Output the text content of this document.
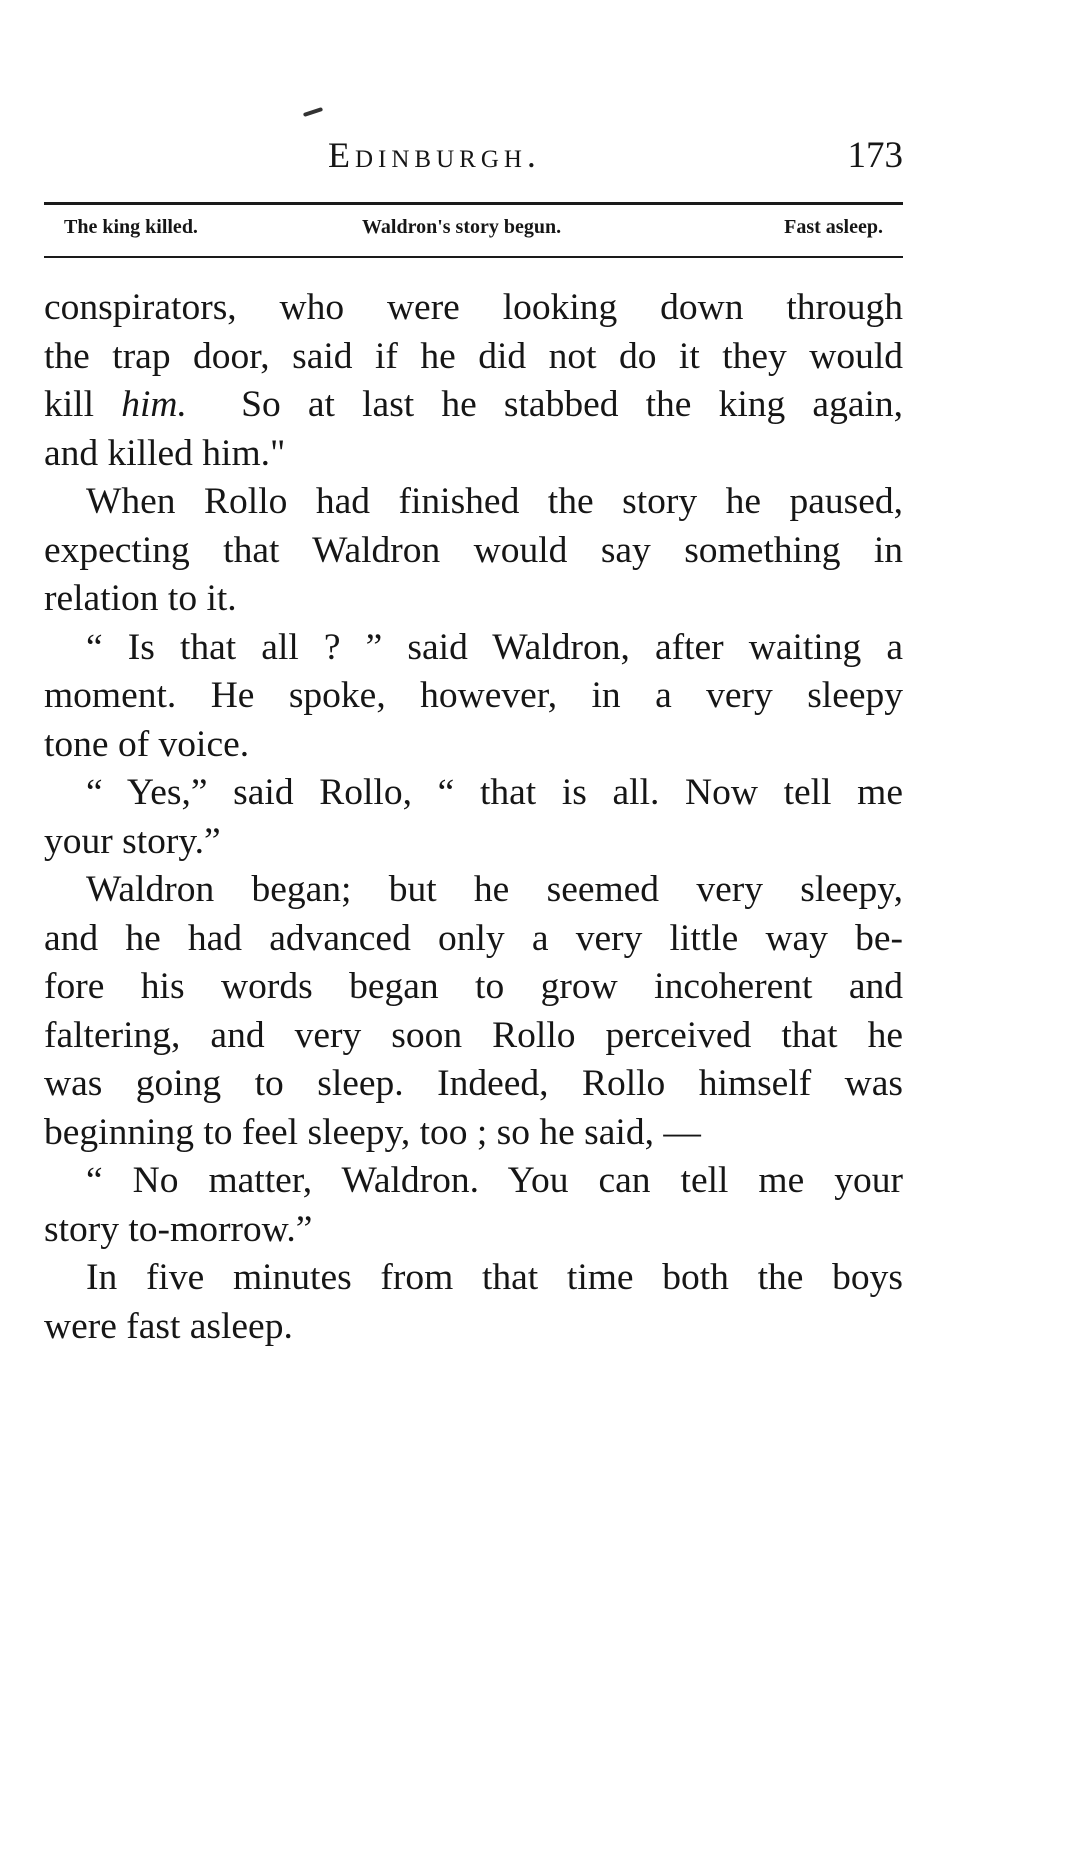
Edinburgh.	173
The king killed.	Waldron's story begun.	Fast asleep.
conspirators, who were looking down through
the trap door, said if he did not do it they would
kill him. So at last he stabbed the king again,
and killed him."
When Rollo had finished the story he paused,
expecting that Waldron would say something in
relation to it.
“ Is that all ? ” said Waldron, after waiting a
moment. He spoke, however, in a very sleepy
tone of voice.
“ Yes,” said Rollo, “ that is all. Now tell me
your story.”
Waldron began; but he seemed very sleepy,
and he had advanced only a very little way be-
fore his words began to grow incoherent and
faltering, and very soon Rollo perceived that he
was going to sleep. Indeed, Rollo himself was
beginning to feel sleepy, too ; so he said, —
“ No matter, Waldron. You can tell me your
story to-morrow.”
In five minutes from that time both the boys
were fast asleep.
